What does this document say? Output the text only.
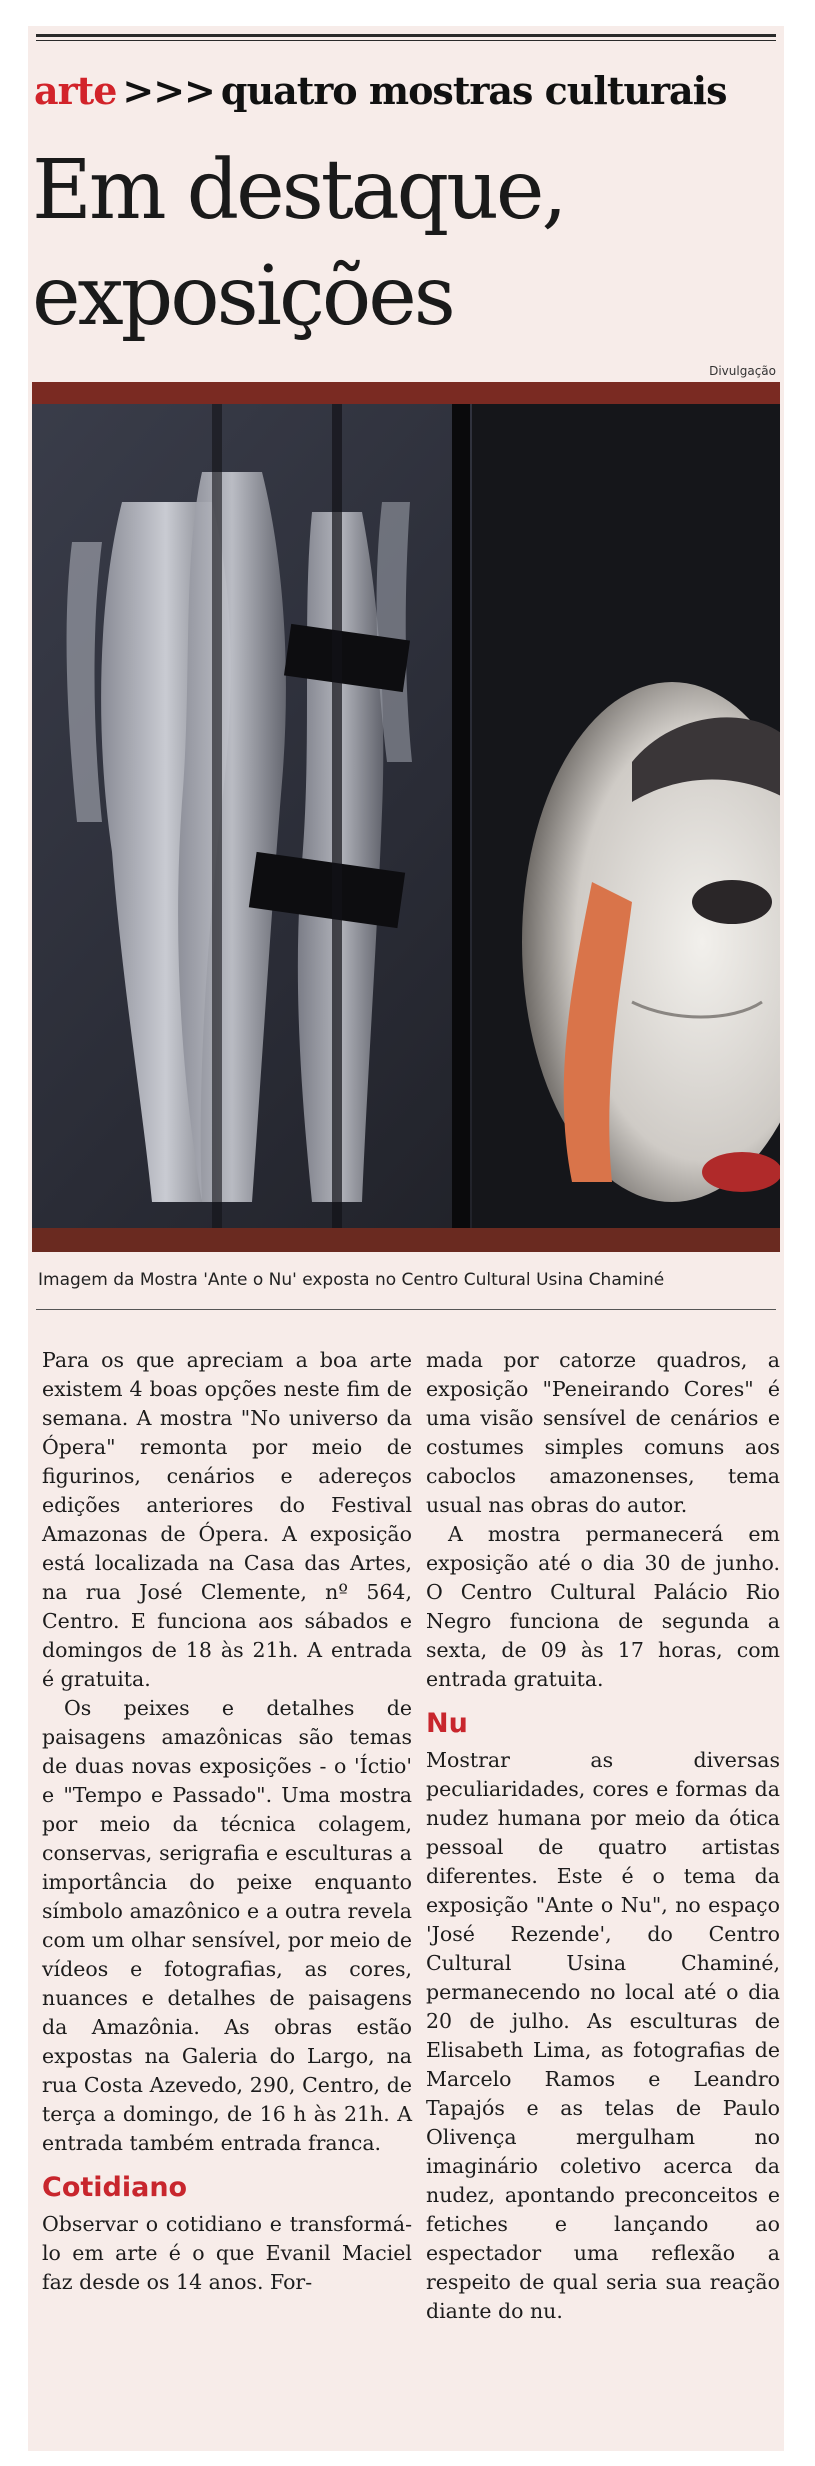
arte >>> quatro mostras culturais
Em destaque,
exposições
Divulgação
Imagem da Mostra 'Ante o Nu' exposta no Centro Cultural Usina Chaminé

Para os que apreciam a boa arte existem 4 boas opções neste fim de semana. A mostra "No universo da Ópera" remonta por meio de figurinos, cenários e adereços edições anteriores do Festival Amazonas de Ópera. A exposição está localizada na Casa das Artes, na rua José Clemente, nº 564, Centro. E funciona aos sábados e domingos de 18 às 21h. A entrada é gratuita.

Os peixes e detalhes de paisagens amazônicas são temas de duas novas exposições - o 'Íctio' e "Tempo e Passado". Uma mostra por meio da técnica colagem, conservas, serigrafia e esculturas a importância do peixe enquanto símbolo amazônico e a outra revela com um olhar sensível, por meio de vídeos e fotografias, as cores, nuances e detalhes de paisagens da Amazônia. As obras estão expostas na Galeria do Largo, na rua Costa Azevedo, 290, Centro, de terça a domingo, de 16 h às 21h. A entrada também entrada franca.

Cotidiano

Observar o cotidiano e transformá-lo em arte é o que Evanil Maciel faz desde os 14 anos. For-

mada por catorze quadros, a exposição "Peneirando Cores" é uma visão sensível de cenários e costumes simples comuns aos caboclos amazonenses, tema usual nas obras do autor.

A mostra permanecerá em exposição até o dia 30 de junho. O Centro Cultural Palácio Rio Negro funciona de segunda a sexta, de 09 às 17 horas, com entrada gratuita.

Nu

Mostrar as diversas peculiaridades, cores e formas da nudez humana por meio da ótica pessoal de quatro artistas diferentes. Este é o tema da exposição "Ante o Nu", no espaço 'José Rezende', do Centro Cultural Usina Chaminé, permanecendo no local até o dia 20 de julho. As esculturas de Elisabeth Lima, as fotografias de Marcelo Ramos e Leandro Tapajós e as telas de Paulo Olivença mergulham no imaginário coletivo acerca da nudez, apontando preconceitos e fetiches e lançando ao espectador uma reflexão a respeito de qual seria sua reação diante do nu.
